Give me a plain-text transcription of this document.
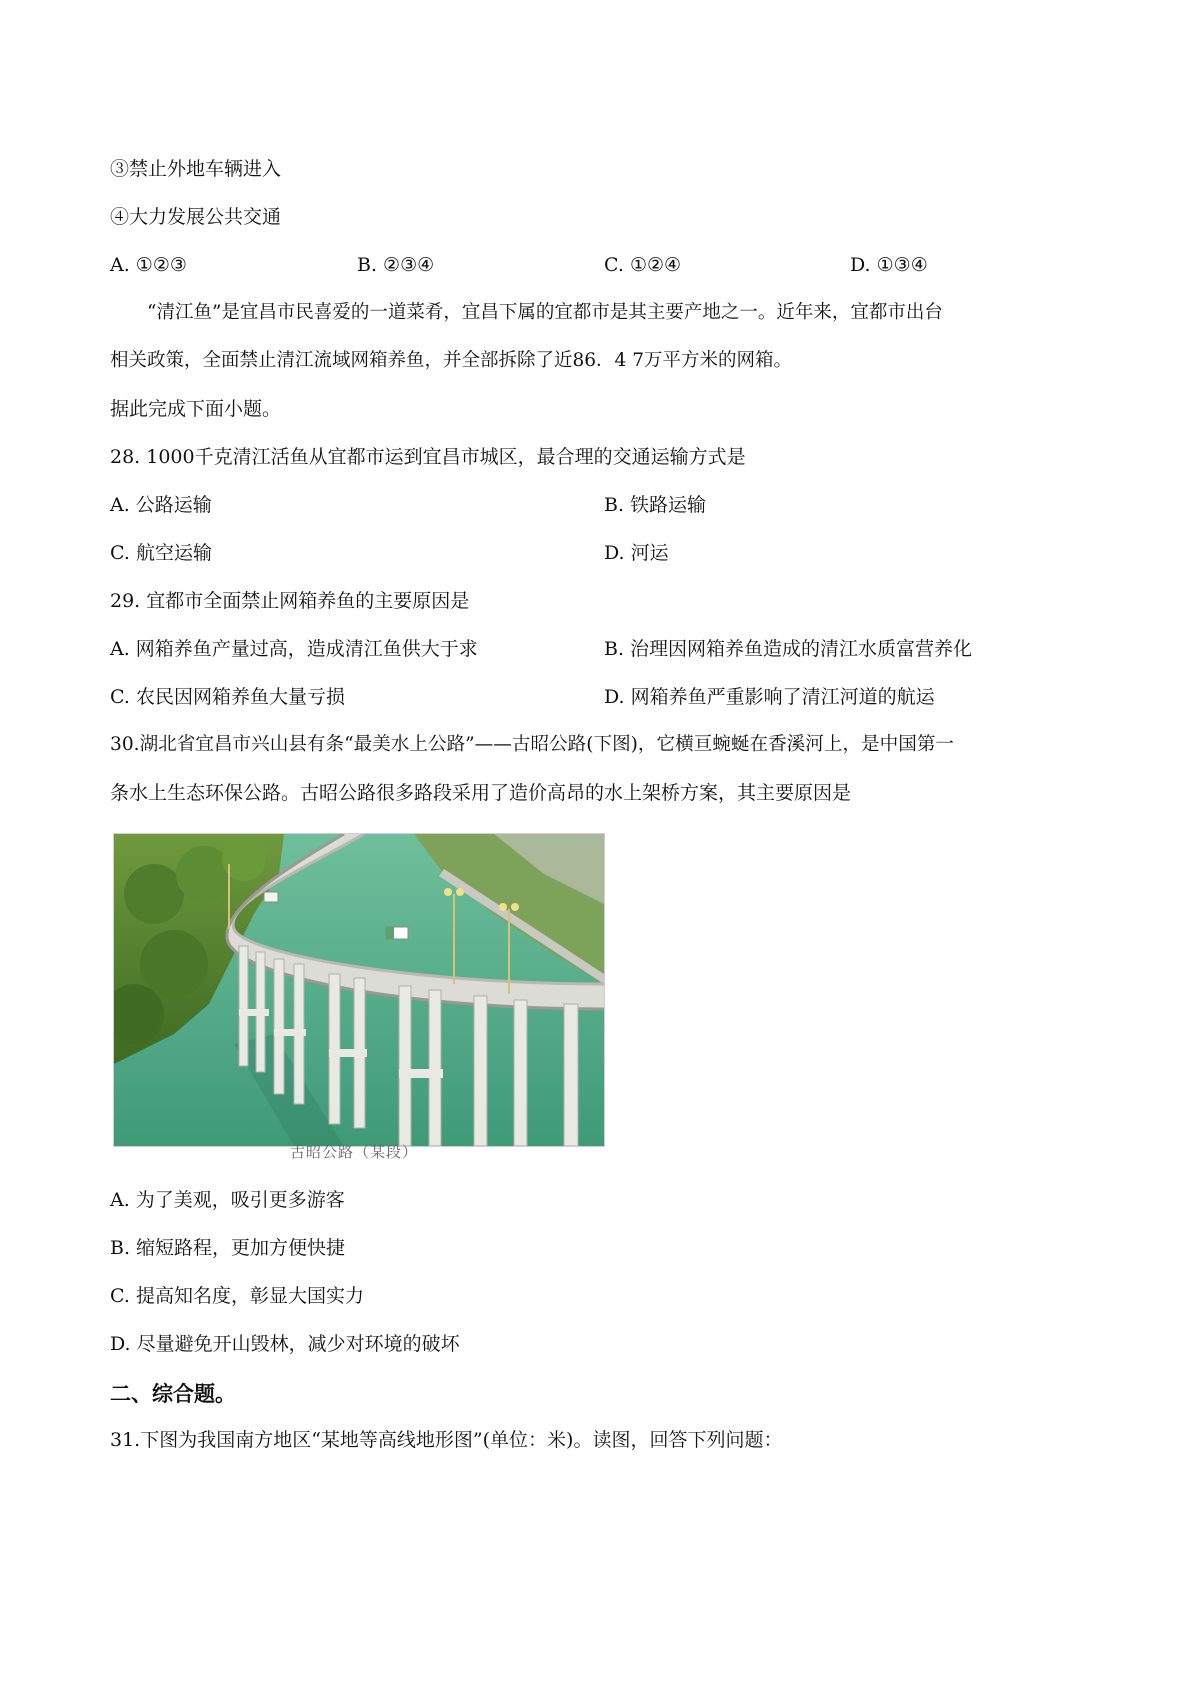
③禁止外地车辆进入
④大力发展公共交通
A. ①②③	B. ②③④	C. ①②④	D. ①③④
“清江鱼”是宜昌市民喜爱的一道菜肴，宜昌下属的宜都市是其主要产地之一。近年来，宜都市出台
相关政策，全面禁止清江流域网箱养鱼，并全部拆除了近86．4 7万平方米的网箱。
据此完成下面小题。
28. 1000千克清江活鱼从宜都市运到宜昌市城区，最合理的交通运输方式是
A. 公路运输	B. 铁路运输
C. 航空运输	D. 河运
29. 宜都市全面禁止网箱养鱼的主要原因是
A. 网箱养鱼产量过高，造成清江鱼供大于求	B. 治理因网箱养鱼造成的清江水质富营养化
C. 农民因网箱养鱼大量亏损	D. 网箱养鱼严重影响了清江河道的航运
30.湖北省宜昌市兴山县有条“最美水上公路”——古昭公路(下图)，它横亘蜿蜒在香溪河上，是中国第一
条水上生态环保公路。古昭公路很多路段采用了造价高昂的水上架桥方案，其主要原因是
古昭公路（某段）
A. 为了美观，吸引更多游客
B. 缩短路程，更加方便快捷
C. 提高知名度，彰显大国实力
D. 尽量避免开山毁林，减少对环境的破坏
二、综合题。
31.下图为我国南方地区“某地等高线地形图”(单位：米)。读图，回答下列问题：
